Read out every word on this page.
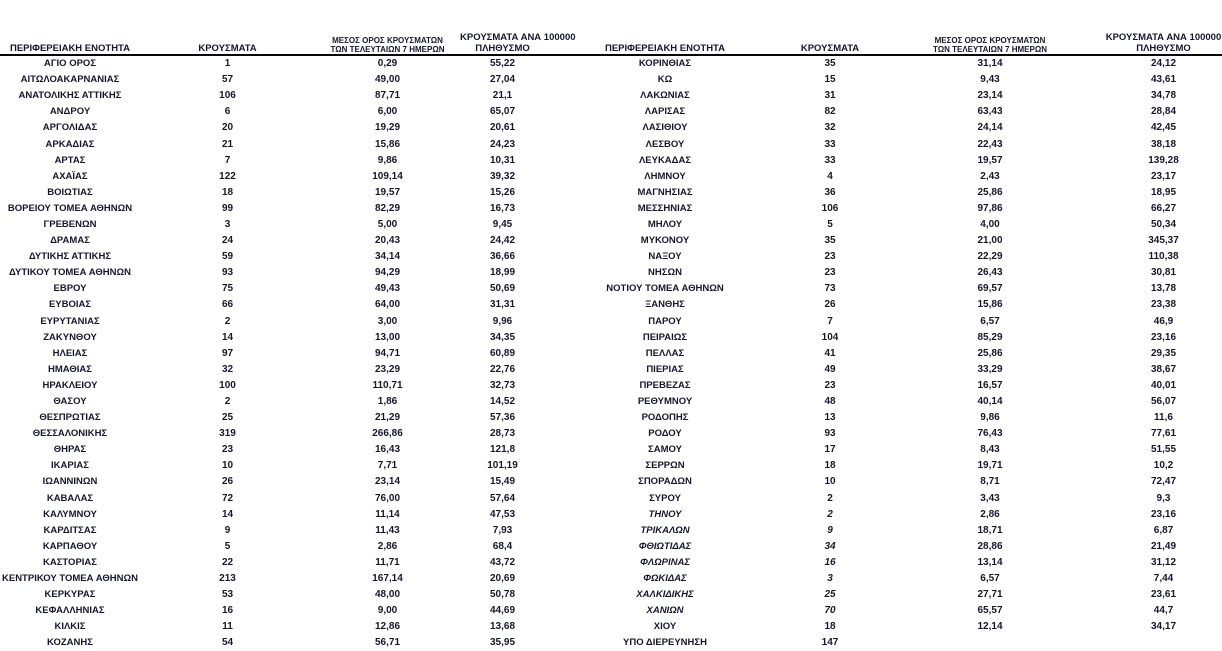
ΠΕΡΙΦΕΡΕΙΑΚΗ ΕΝΟΤΗΤΑ	ΚΡΟΥΣΜΑΤΑ	ΜΕΣΟΣ ΟΡΟΣ ΚΡΟΥΣΜΑΤΩΝ
ΤΩΝ ΤΕΛΕΥΤΑΙΩΝ 7 ΗΜΕΡΩΝ	ΚΡΟΥΣΜΑΤΑ ΑΝΑ 100000
ΠΛΗΘΥΣΜΟ

ΑΓΙΟ ΟΡΟΣ	1	0,29	55,22
ΑΙΤΩΛΟΑΚΑΡΝΑΝΙΑΣ	57	49,00	27,04
ΑΝΑΤΟΛΙΚΗΣ ΑΤΤΙΚΗΣ	106	87,71	21,1
ΑΝΔΡΟΥ	6	6,00	65,07
ΑΡΓΟΛΙΔΑΣ	20	19,29	20,61
ΑΡΚΑΔΙΑΣ	21	15,86	24,23
ΑΡΤΑΣ	7	9,86	10,31
ΑΧΑΪΑΣ	122	109,14	39,32
ΒΟΙΩΤΙΑΣ	18	19,57	15,26
ΒΟΡΕΙΟΥ ΤΟΜΕΑ ΑΘΗΝΩΝ	99	82,29	16,73
ΓΡΕΒΕΝΩΝ	3	5,00	9,45
ΔΡΑΜΑΣ	24	20,43	24,42
ΔΥΤΙΚΗΣ ΑΤΤΙΚΗΣ	59	34,14	36,66
ΔΥΤΙΚΟΥ ΤΟΜΕΑ ΑΘΗΝΩΝ	93	94,29	18,99
ΕΒΡΟΥ	75	49,43	50,69
ΕΥΒΟΙΑΣ	66	64,00	31,31
ΕΥΡΥΤΑΝΙΑΣ	2	3,00	9,96
ΖΑΚΥΝΘΟΥ	14	13,00	34,35
ΗΛΕΙΑΣ	97	94,71	60,89
ΗΜΑΘΙΑΣ	32	23,29	22,76
ΗΡΑΚΛΕΙΟΥ	100	110,71	32,73
ΘΑΣΟΥ	2	1,86	14,52
ΘΕΣΠΡΩΤΙΑΣ	25	21,29	57,36
ΘΕΣΣΑΛΟΝΙΚΗΣ	319	266,86	28,73
ΘΗΡΑΣ	23	16,43	121,8
ΙΚΑΡΙΑΣ	10	7,71	101,19
ΙΩΑΝΝΙΝΩΝ	26	23,14	15,49
ΚΑΒΑΛΑΣ	72	76,00	57,64
ΚΑΛΥΜΝΟΥ	14	11,14	47,53
ΚΑΡΔΙΤΣΑΣ	9	11,43	7,93
ΚΑΡΠΑΘΟΥ	5	2,86	68,4
ΚΑΣΤΟΡΙΑΣ	22	11,71	43,72
ΚΕΝΤΡΙΚΟΥ ΤΟΜΕΑ ΑΘΗΝΩΝ	213	167,14	20,69
ΚΕΡΚΥΡΑΣ	53	48,00	50,78
ΚΕΦΑΛΛΗΝΙΑΣ	16	9,00	44,69
ΚΙΛΚΙΣ	11	12,86	13,68
ΚΟΖΑΝΗΣ	54	56,71	35,95
ΠΕΡΙΦΕΡΕΙΑΚΗ ΕΝΟΤΗΤΑ	ΚΡΟΥΣΜΑΤΑ	ΜΕΣΟΣ ΟΡΟΣ ΚΡΟΥΣΜΑΤΩΝ
ΤΩΝ ΤΕΛΕΥΤΑΙΩΝ 7 ΗΜΕΡΩΝ	ΚΡΟΥΣΜΑΤΑ ΑΝΑ 100000
ΠΛΗΘΥΣΜΟ

ΚΟΡΙΝΘΙΑΣ	35	31,14	24,12
ΚΩ	15	9,43	43,61
ΛΑΚΩΝΙΑΣ	31	23,14	34,78
ΛΑΡΙΣΑΣ	82	63,43	28,84
ΛΑΣΙΘΙΟΥ	32	24,14	42,45
ΛΕΣΒΟΥ	33	22,43	38,18
ΛΕΥΚΑΔΑΣ	33	19,57	139,28
ΛΗΜΝΟΥ	4	2,43	23,17
ΜΑΓΝΗΣΙΑΣ	36	25,86	18,95
ΜΕΣΣΗΝΙΑΣ	106	97,86	66,27
ΜΗΛΟΥ	5	4,00	50,34
ΜΥΚΟΝΟΥ	35	21,00	345,37
ΝΑΞΟΥ	23	22,29	110,38
ΝΗΣΩΝ	23	26,43	30,81
ΝΟΤΙΟΥ ΤΟΜΕΑ ΑΘΗΝΩΝ	73	69,57	13,78
ΞΑΝΘΗΣ	26	15,86	23,38
ΠΑΡΟΥ	7	6,57	46,9
ΠΕΙΡΑΙΩΣ	104	85,29	23,16
ΠΕΛΛΑΣ	41	25,86	29,35
ΠΙΕΡΙΑΣ	49	33,29	38,67
ΠΡΕΒΕΖΑΣ	23	16,57	40,01
ΡΕΘΥΜΝΟΥ	48	40,14	56,07
ΡΟΔΟΠΗΣ	13	9,86	11,6
ΡΟΔΟΥ	93	76,43	77,61
ΣΑΜΟΥ	17	8,43	51,55
ΣΕΡΡΩΝ	18	19,71	10,2
ΣΠΟΡΑΔΩΝ	10	8,71	72,47
ΣΥΡΟΥ	2	3,43	9,3
ΤΗΝΟΥ	2	2,86	23,16
ΤΡΙΚΑΛΩΝ	9	18,71	6,87
ΦΘΙΩΤΙΔΑΣ	34	28,86	21,49
ΦΛΩΡΙΝΑΣ	16	13,14	31,12
ΦΩΚΙΔΑΣ	3	6,57	7,44
ΧΑΛΚΙΔΙΚΗΣ	25	27,71	23,61
ΧΑΝΙΩΝ	70	65,57	44,7
ΧΙΟΥ	18	12,14	34,17
ΥΠΟ ΔΙΕΡΕΥΝΗΣΗ	147		
